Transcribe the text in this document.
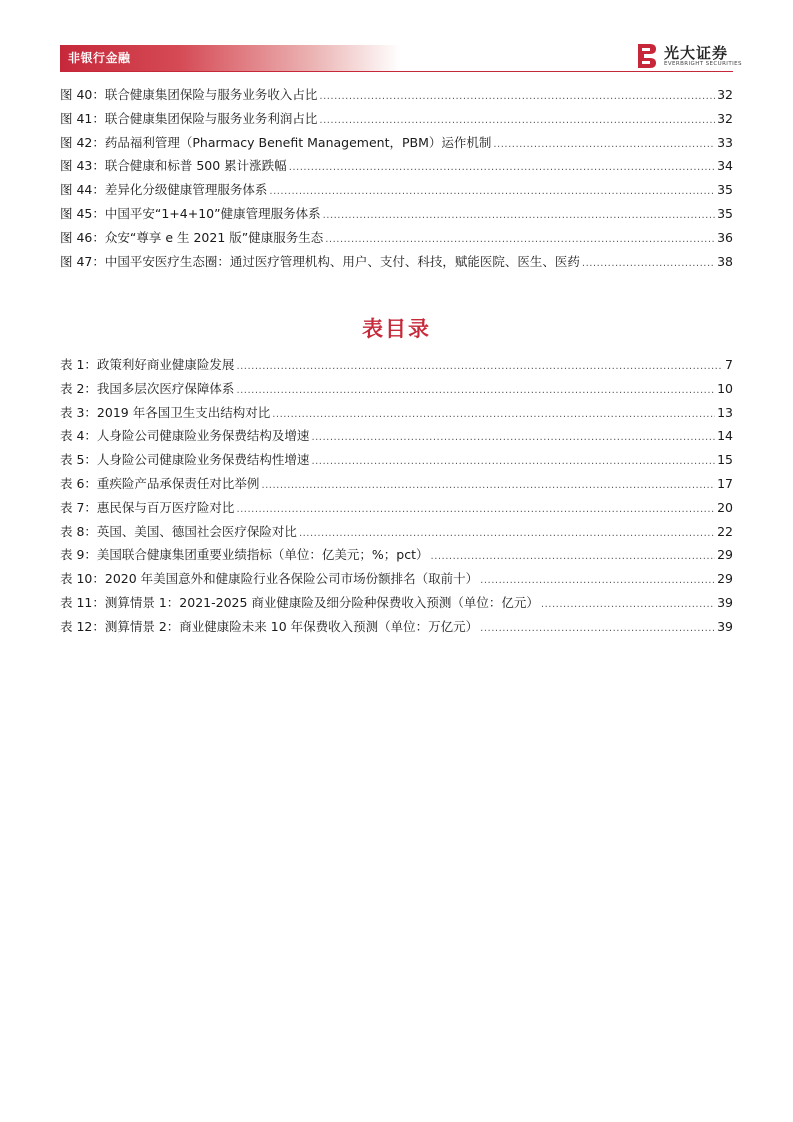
非银行金融	光大证券
EVERBRIGHT SECURITIES
图 40：联合健康集团保险与服务业务收入占比 .....	32
图 41：联合健康集团保险与服务业务利润占比 .....	32
图 42：药品福利管理（Pharmacy Benefit Management，PBM）运作机制 .....	33
图 43：联合健康和标普 500 累计涨跌幅 .....	34
图 44：差异化分级健康管理服务体系 .....	35
图 45：中国平安“1+4+10”健康管理服务体系 .....	35
图 46：众安“尊享 e 生 2021 版”健康服务生态 .....	36
图 47：中国平安医疗生态圈：通过医疗管理机构、用户、支付、科技，赋能医院、医生、医药 .....	38
表目录
表 1：政策利好商业健康险发展 .....	7
表 2：我国多层次医疗保障体系 .....	10
表 3：2019 年各国卫生支出结构对比 .....	13
表 4：人身险公司健康险业务保费结构及增速 .....	14
表 5：人身险公司健康险业务保费结构性增速 .....	15
表 6：重疾险产品承保责任对比举例 .....	17
表 7：惠民保与百万医疗险对比 .....	20
表 8：英国、美国、德国社会医疗保险对比 .....	22
表 9：美国联合健康集团重要业绩指标（单位：亿美元；%；pct） .....	29
表 10：2020 年美国意外和健康险行业各保险公司市场份额排名（取前十） .....	29
表 11：测算情景 1：2021-2025 商业健康险及细分险种保费收入预测（单位：亿元） .....	39
表 12：测算情景 2：商业健康险未来 10 年保费收入预测（单位：万亿元） .....	39
